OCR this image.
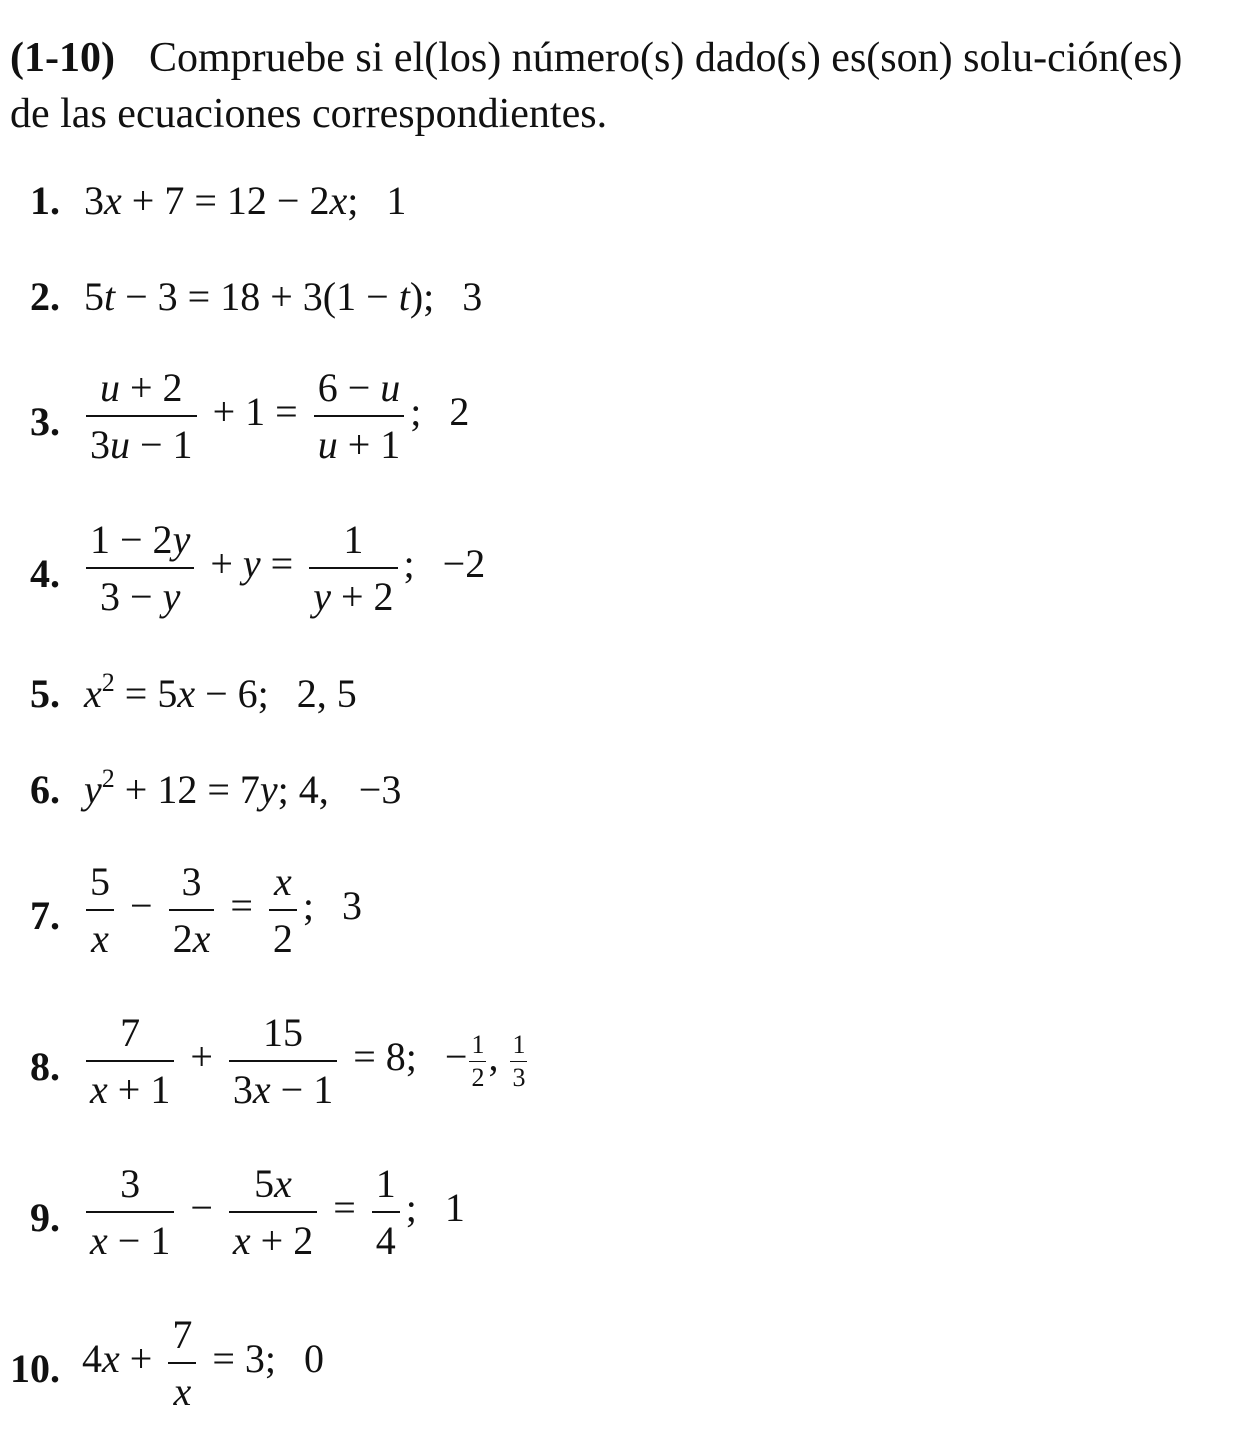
(1-10) Compruebe si el(los) número(s) dado(s) es(son) solu-ción(es) de las ecuaciones correspondientes.
1. 3x + 7 = 12 − 2x; 1
2. 5t − 3 = 18 + 3(1 − t); 3
3. $\frac{u + 2}{3u - 1} + 1 = \frac{6 - u}{u + 1}$ ; 2
4. $\frac{1 - 2y}{3 - y} + y = \frac{1}{y + 2}$ ; −2
5. $x^2 = 5x - 6$; 2, 5
6. $y^2 + 12 = 7y$; 4,   −3
7. $\frac{5}{x} - \frac{3}{2x} = \frac{x}{2}$ ; 3
8. $\frac{7}{x + 1} + \frac{15}{3x - 1} = 8$; − $\frac{1}{2}$ , $\frac{1}{3}$
9. $\frac{3}{x - 1} - \frac{5x}{x + 2} = \frac{1}{4}$ ; 1
10. $4x + \frac{7}{x} = 3$; 0
